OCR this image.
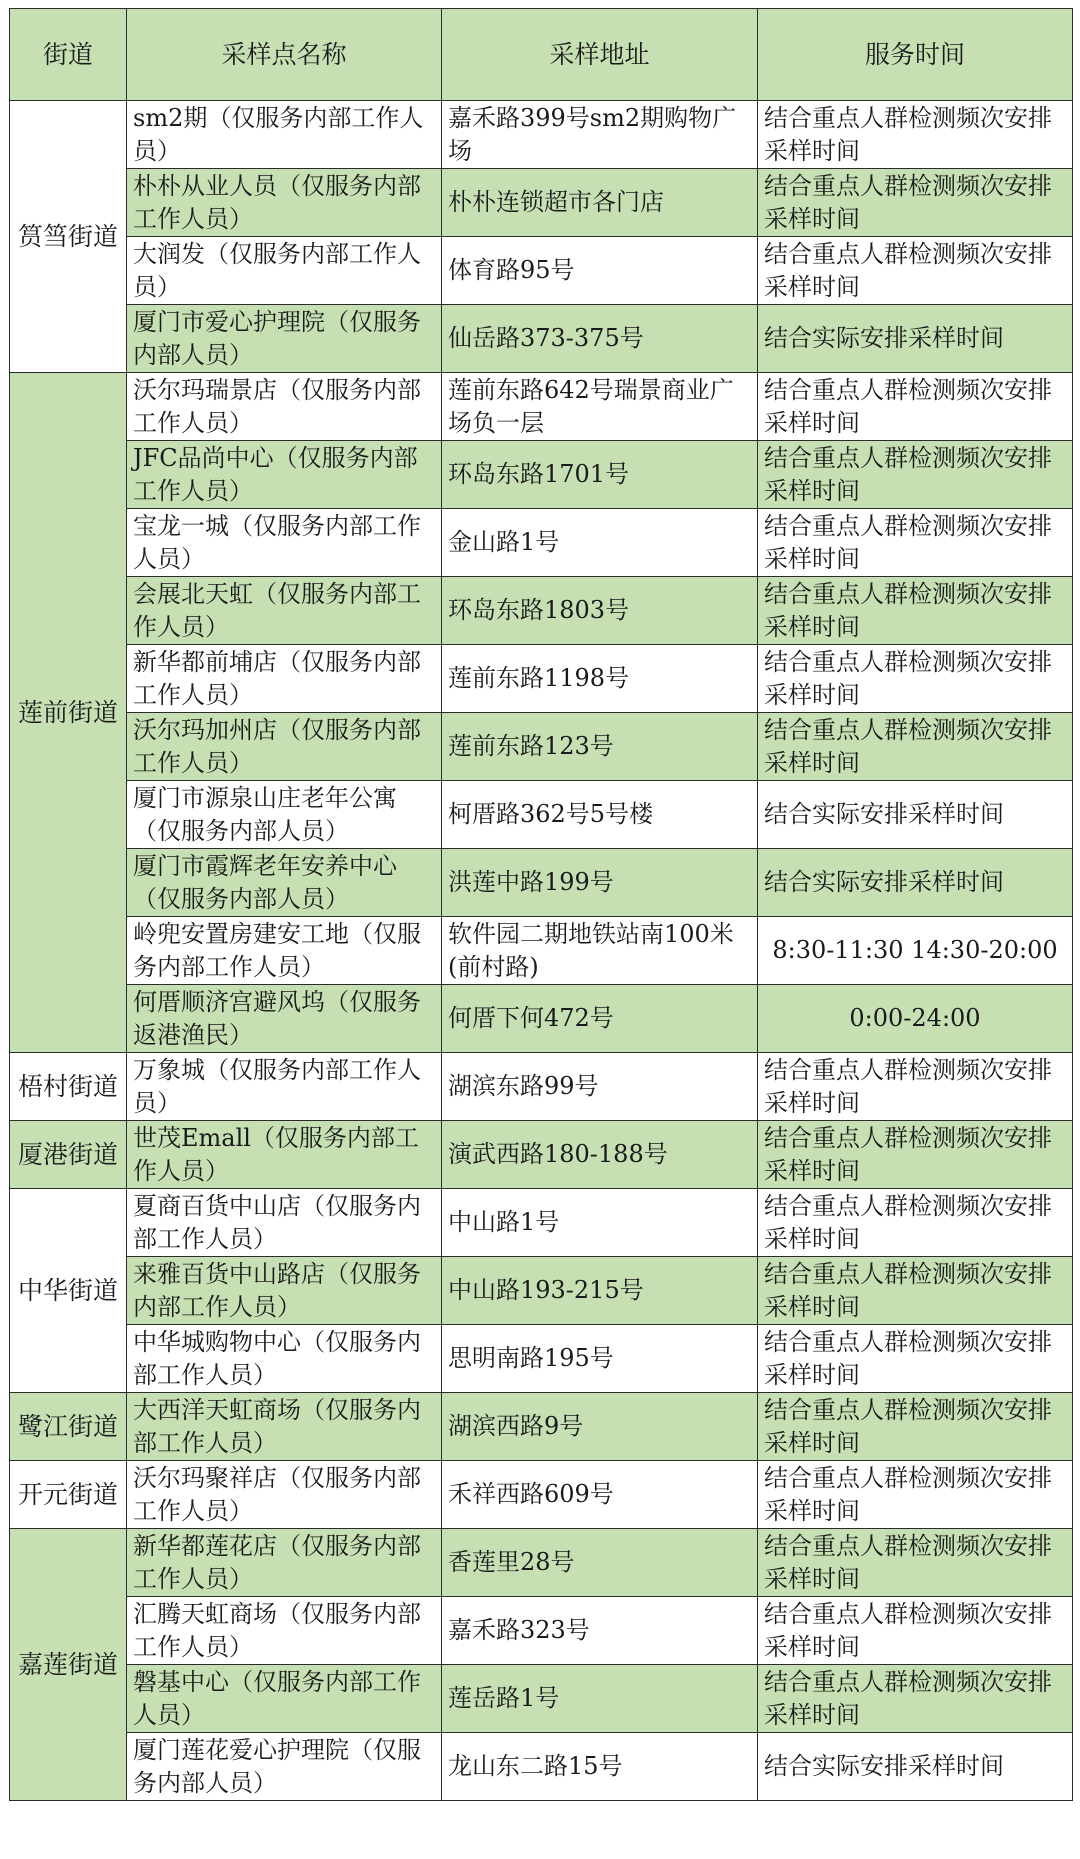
街道	采样点名称	采样地址	服务时间
筼筜街道	sm2期（仅服务内部工作人员）	嘉禾路399号sm2期购物广场	结合重点人群检测频次安排采样时间
	朴朴从业人员（仅服务内部工作人员）	朴朴连锁超市各门店	结合重点人群检测频次安排采样时间
	大润发（仅服务内部工作人员）	体育路95号	结合重点人群检测频次安排采样时间
	厦门市爱心护理院（仅服务内部人员）	仙岳路373-375号	结合实际安排采样时间
莲前街道	沃尔玛瑞景店（仅服务内部工作人员）	莲前东路642号瑞景商业广场负一层	结合重点人群检测频次安排采样时间
	JFC品尚中心（仅服务内部工作人员）	环岛东路1701号	结合重点人群检测频次安排采样时间
	宝龙一城（仅服务内部工作人员）	金山路1号	结合重点人群检测频次安排采样时间
	会展北天虹（仅服务内部工作人员）	环岛东路1803号	结合重点人群检测频次安排采样时间
	新华都前埔店（仅服务内部工作人员）	莲前东路1198号	结合重点人群检测频次安排采样时间
	沃尔玛加州店（仅服务内部工作人员）	莲前东路123号	结合重点人群检测频次安排采样时间
	厦门市源泉山庄老年公寓（仅服务内部人员）	柯厝路362号5号楼	结合实际安排采样时间
	厦门市霞辉老年安养中心（仅服务内部人员）	洪莲中路199号	结合实际安排采样时间
	岭兜安置房建安工地（仅服务内部工作人员）	软件园二期地铁站南100米(前村路)	8:30-11:30 14:30-20:00
	何厝顺济宫避风坞（仅服务返港渔民）	何厝下何472号	0:00-24:00
梧村街道	万象城（仅服务内部工作人员）	湖滨东路99号	结合重点人群检测频次安排采样时间
厦港街道	世茂Emall（仅服务内部工作人员）	演武西路180-188号	结合重点人群检测频次安排采样时间
中华街道	夏商百货中山店（仅服务内部工作人员）	中山路1号	结合重点人群检测频次安排采样时间
	来雅百货中山路店（仅服务内部工作人员）	中山路193-215号	结合重点人群检测频次安排采样时间
	中华城购物中心（仅服务内部工作人员）	思明南路195号	结合重点人群检测频次安排采样时间
鹭江街道	大西洋天虹商场（仅服务内部工作人员）	湖滨西路9号	结合重点人群检测频次安排采样时间
开元街道	沃尔玛聚祥店（仅服务内部工作人员）	禾祥西路609号	结合重点人群检测频次安排采样时间
嘉莲街道	新华都莲花店（仅服务内部工作人员）	香莲里28号	结合重点人群检测频次安排采样时间
	汇腾天虹商场（仅服务内部工作人员）	嘉禾路323号	结合重点人群检测频次安排采样时间
	磐基中心（仅服务内部工作人员）	莲岳路1号	结合重点人群检测频次安排采样时间
	厦门莲花爱心护理院（仅服务内部人员）	龙山东二路15号	结合实际安排采样时间
